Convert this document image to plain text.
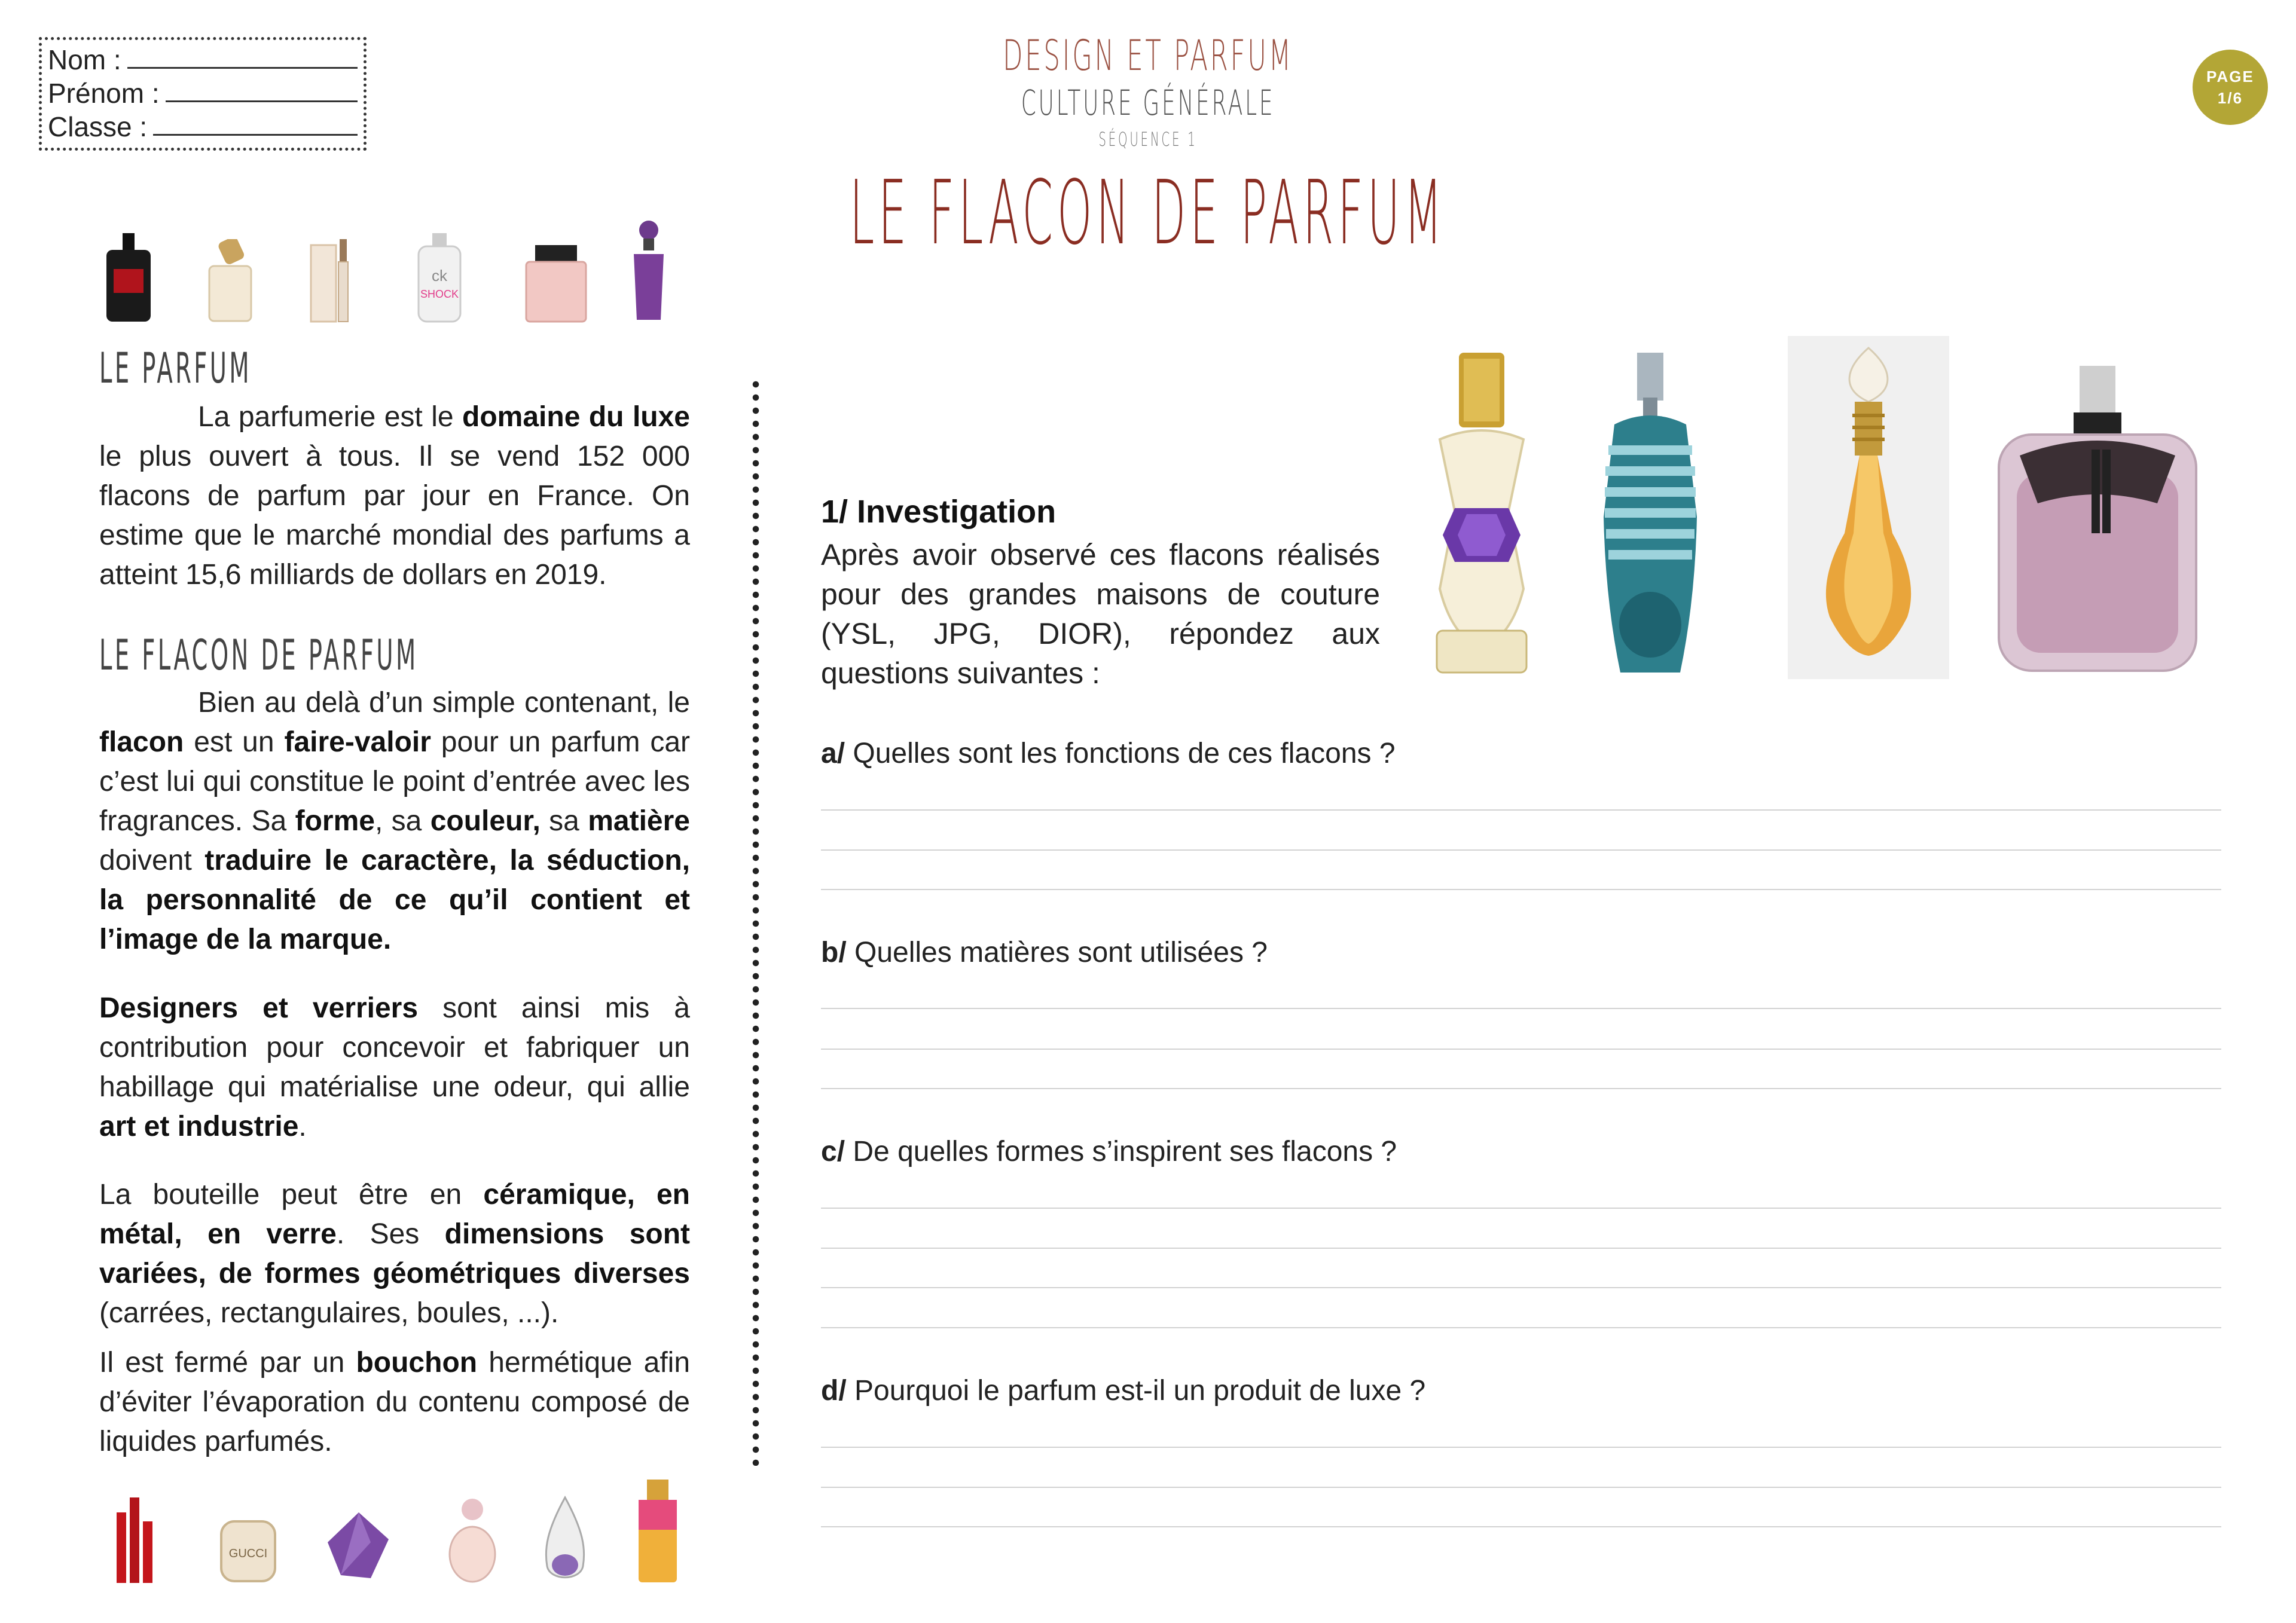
Nom :
Prénom :
Classe :
DESIGN ET PARFUM
CULTURE GÉNÉRALE
SÉQUENCE 1
LE FLACON DE PARFUM
PAGE
1/6
ck
SHOCK
LE PARFUM
La parfumerie est le domaine du luxe le plus ouvert à tous. Il se vend 152 000 flacons de parfum par jour en France. On estime que le marché mondial des parfums a atteint 15,6 milliards de dollars en 2019.
LE FLACON DE PARFUM
Bien au delà d’un simple contenant, le flacon est un faire-valoir pour un parfum car c’est lui qui constitue le point d’entrée avec les fragrances. Sa forme, sa couleur, sa matière doivent traduire le caractère, la séduction, la personnalité de ce qu’il contient et l’image de la marque.
Designers et verriers sont ainsi mis à contribution pour concevoir et fabriquer un habillage qui matérialise une odeur, qui allie art et industrie.
La bouteille peut être en céramique, en métal, en verre. Ses dimensions sont variées, de formes géométriques diverses (carrées, rectangulaires, boules, ...).
Il est fermé par un bouchon hermétique afin d’éviter l’évaporation du contenu composé de liquides parfumés.
GUCCI
1/ Investigation
Après avoir observé ces flacons réalisés pour des grandes maisons de couture (YSL, JPG, DIOR), répondez aux questions suivantes :
a/ Quelles sont les fonctions de ces flacons ?
b/ Quelles matières sont utilisées ?
c/ De quelles formes s’inspirent ses flacons ?
d/ Pourquoi le parfum est-il un produit de luxe ?
